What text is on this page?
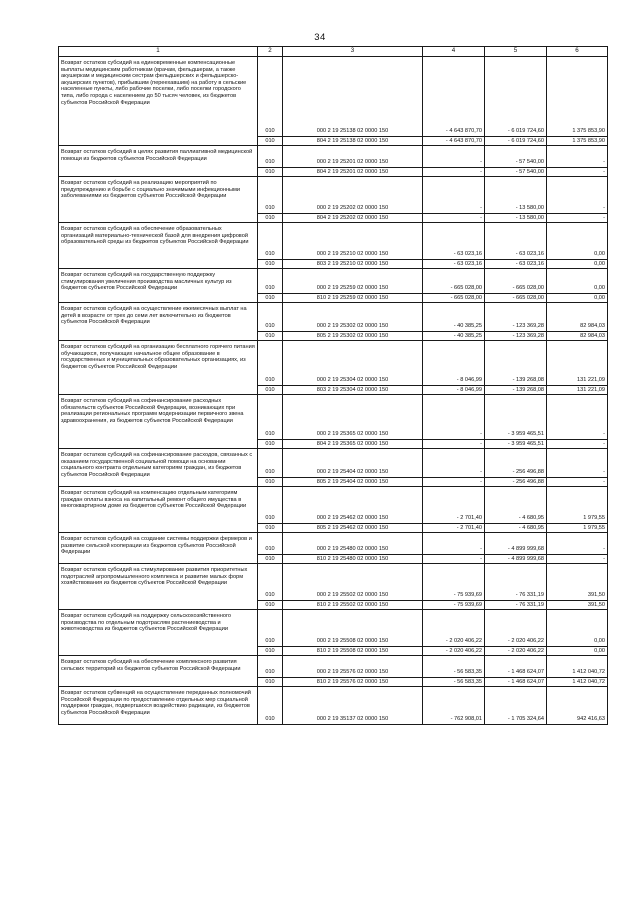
34
1	2	3	4	5	6
Возврат остатков субсидий на единовременные компенсационные выплаты медицинским работникам (врачам, фельдшерам, а также акушеркам и медицинским сестрам фельдшерских и фельдшерско-акушерских пунктов), прибывшим (переехавшим) на работу в сельские населенные пункты, либо рабочие поселки, либо поселки городского типа, либо города с населением до 50 тысяч человек, из бюджетов субъектов Российской Федерации	010	000 2 19 25138 02 0000 150	- 4 643 870,70	- 6 019 724,60	1 375 853,90
	010	804 2 19 25138 02 0000 150	- 4 643 870,70	- 6 019 724,60	1 375 853,90
Возврат остатков субсидий в целях развития паллиативной медицинской помощи из бюджетов субъектов Российской Федерации	010	000 2 19 25201 02 0000 150	-	- 57 540,00	-
	010	804 2 19 25201 02 0000 150	-	- 57 540,00	-
Возврат остатков субсидий на реализацию мероприятий по предупреждению и борьбе с социально значимыми инфекционными заболеваниями из бюджетов субъектов Российской Федерации	010	000 2 19 25202 02 0000 150	-	- 13 580,00	-
	010	804 2 19 25202 02 0000 150	-	- 13 580,00	-
Возврат остатков субсидий на обеспечение образовательных организаций материально-технической базой для внедрения цифровой образовательной среды из бюджетов субъектов Российской Федерации	010	000 2 19 25210 02 0000 150	- 63 023,16	- 63 023,16	0,00
	010	803 2 19 25210 02 0000 150	- 63 023,16	- 63 023,16	0,00
Возврат остатков субсидий на государственную поддержку стимулирования увеличения производства масличных культур из бюджетов субъектов Российской Федерации	010	000 2 19 25259 02 0000 150	- 665 028,00	- 665 028,00	0,00
	010	810 2 19 25259 02 0000 150	- 665 028,00	- 665 028,00	0,00
Возврат остатков субсидий на осуществление ежемесячных выплат на детей в возрасте от трех до семи лет включительно из бюджетов субъектов Российской Федерации	010	000 2 19 25302 02 0000 150	- 40 385,25	- 123 369,28	82 984,03
	010	805 2 19 25302 02 0000 150	- 40 385,25	- 123 369,28	82 984,03
Возврат остатков субсидий на организацию бесплатного горячего питания обучающихся, получающих начальное общее образование в государственных и муниципальных образовательных организациях, из бюджетов субъектов Российской Федерации	010	000 2 19 25304 02 0000 150	- 8 046,99	- 139 268,08	131 221,09
	010	803 2 19 25304 02 0000 150	- 8 046,99	- 139 268,08	131 221,09
Возврат остатков субсидий на софинансирование расходных обязательств субъектов Российской Федерации, возникающих при реализации региональных программ модернизации первичного звена здравоохранения, из бюджетов субъектов Российской Федерации	010	000 2 19 25365 02 0000 150	-	- 3 959 465,51	-
	010	804 2 19 25365 02 0000 150	-	- 3 959 465,51	-
Возврат остатков субсидий на софинансирование расходов, связанных с оказанием государственной социальной помощи на основании социального контракта отдельным категориям граждан, из бюджетов субъектов Российской Федерации	010	000 2 19 25404 02 0000 150	-	- 256 496,88	-
	010	805 2 19 25404 02 0000 150	-	- 256 496,88	-
Возврат остатков субсидий на компенсацию отдельным категориям граждан оплаты взноса на капитальный ремонт общего имущества в многоквартирном доме из бюджетов субъектов Российской Федерации	010	000 2 19 25462 02 0000 150	- 2 701,40	- 4 680,95	1 979,55
	010	805 2 19 25462 02 0000 150	- 2 701,40	- 4 680,95	1 979,55
Возврат остатков субсидий на создание системы поддержки фермеров и развитие сельской кооперации из бюджетов субъектов Российской Федерации	010	000 2 19 25480 02 0000 150	-	- 4 899 999,68	-
	010	810 2 19 25480 02 0000 150	-	- 4 899 999,68	-
Возврат остатков субсидий на стимулирование развития приоритетных подотраслей агропромышленного комплекса и развитие малых форм хозяйствования из бюджетов субъектов Российской Федерации	010	000 2 19 25502 02 0000 150	- 75 939,69	- 76 331,19	391,50
	010	810 2 19 25502 02 0000 150	- 75 939,69	- 76 331,19	391,50
Возврат остатков субсидий на поддержку сельскохозяйственного производства по отдельным подотраслям растениеводства и животноводства из бюджетов субъектов Российской Федерации	010	000 2 19 25508 02 0000 150	- 2 020 406,22	- 2 020 406,22	0,00
	010	810 2 19 25508 02 0000 150	- 2 020 406,22	- 2 020 406,22	0,00
Возврат остатков субсидий на обеспечение комплексного развития сельских территорий из бюджетов субъектов Российской Федерации	010	000 2 19 25576 02 0000 150	- 56 583,35	- 1 468 624,07	1 412 040,72
	010	810 2 19 25576 02 0000 150	- 56 583,35	- 1 468 624,07	1 412 040,72
Возврат остатков субвенций на осуществление переданных полномочий Российской Федерации по предоставлению отдельных мер социальной поддержки граждан, подвергшихся воздействию радиации, из бюджетов субъектов Российской Федерации	010	000 2 19 35137 02 0000 150	- 762 908,01	- 1 705 324,64	942 416,63
